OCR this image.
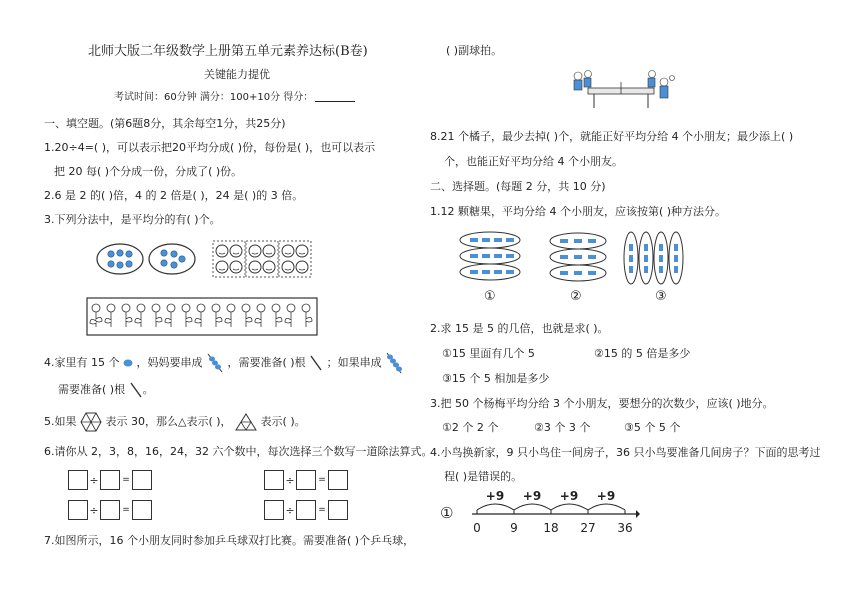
北师大版二年级数学上册第五单元素养达标(B卷)
关键能力提优
考试时间：60分钟 满分：100+10分 得分：
一、填空题。(第6题8分，其余每空1分，共25分)
1.20÷4=( )，可以表示把20平均分成( )份，每份是( )，也可以表示
把 20 每( )个分成一份，分成了( )份。
2.6 是 2 的( )倍，4 的 2 倍是( )，24 是( )的 3 倍。
3.下列分法中，是平均分的有( )个。
4.家里有 15 个 ，妈妈要串成 ，需要准备( )根 ；如果串成
需要准备( )根 。
5.如果	表示 30，那么△表示( )，	表示( )。
6.请你从 2，3，8，16，24，32 六个数中，每次选择三个数写一道除法算式。
÷	=	÷	=
÷	=	÷	=
7.如图所示，16 个小朋友同时参加乒乓球双打比赛。需要准备( )个乒乓球，
( )副球拍。
8.21 个橘子，最少去掉( )个，就能正好平均分给 4 个小朋友；最少添上( )
个，也能正好平均分给 4 个小朋友。
二、选择题。(每题 2 分，共 10 分)
1.12 颗糖果，平均分给 4 个小朋友，应该按第( )种方法分。
①	②	③
2.求 15 是 5 的几倍，也就是求( )。
①15 里面有几个 5	②15 的 5 倍是多少
③15 个 5 相加是多少
3.把 50 个杨梅平均分给 3 个小朋友，要想分的次数少，应该( )地分。
①2 个 2 个	②3 个 3 个	③5 个 5 个
4.小鸟换新家，9 只小鸟住一间房子，36 只小鸟要准备几间房子？下面的思考过
程( )是错误的。
①
+9 +9 +9 +9
0 9 18 27 36
